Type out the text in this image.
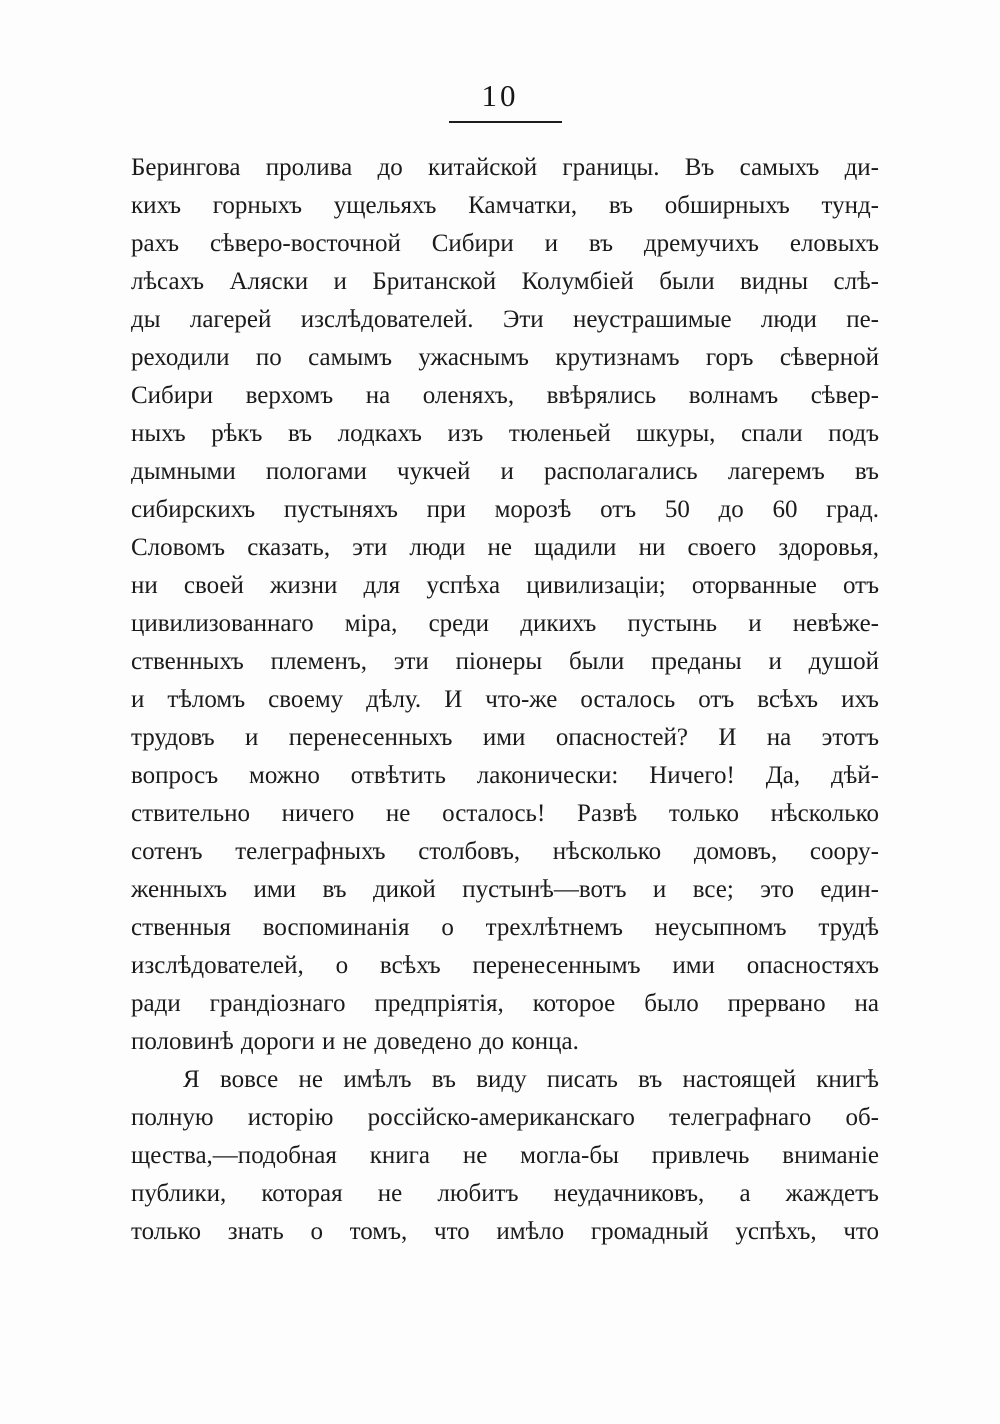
10
Берингова пролива до китайской границы. Въ самыхъ ди-
кихъ горныхъ ущельяхъ Камчатки, въ обширныхъ тунд-
рахъ сѣверо-восточной Сибири и въ дремучихъ еловыхъ
лѣсахъ Аляски и Британской Колумбіей были видны слѣ-
ды лагерей изслѣдователей. Эти неустрашимые люди пе-
реходили по самымъ ужаснымъ крутизнамъ горъ сѣверной
Сибири верхомъ на оленяхъ, ввѣрялись волнамъ сѣвер-
ныхъ рѣкъ въ лодкахъ изъ тюленьей шкуры, спали подъ
дымными пологами чукчей и располагались лагеремъ въ
сибирскихъ пустыняхъ при морозѣ отъ 50 до 60 град.
Словомъ сказать, эти люди не щадили ни своего здоровья,
ни своей жизни для успѣха цивилизаціи; оторванные отъ
цивилизованнаго міра, среди дикихъ пустынь и невѣже-
ственныхъ племенъ, эти піонеры были преданы и душой
и тѣломъ своему дѣлу. И что-же осталось отъ всѣхъ ихъ
трудовъ и перенесенныхъ ими опасностей? И на этотъ
вопросъ можно отвѣтить лаконически: Ничего! Да, дѣй-
ствительно ничего не осталось! Развѣ только нѣсколько
сотенъ телеграфныхъ столбовъ, нѣсколько домовъ, соору-
женныхъ ими въ дикой пустынѣ—вотъ и все; это един-
ственныя воспоминанія о трехлѣтнемъ неусыпномъ трудѣ
изслѣдователей, о всѣхъ перенесеннымъ ими опасностяхъ
ради грандіознаго предпріятія, которое было прервано на
половинѣ дороги и не доведено до конца.
Я вовсе не имѣлъ въ виду писать въ настоящей книгѣ
полную исторію россійско-американскаго телеграфнаго об-
щества,—подобная книга не могла-бы привлечь вниманіе
публики, которая не любитъ неудачниковъ, а жаждетъ
только знать о томъ, что имѣло громадный успѣхъ, что
